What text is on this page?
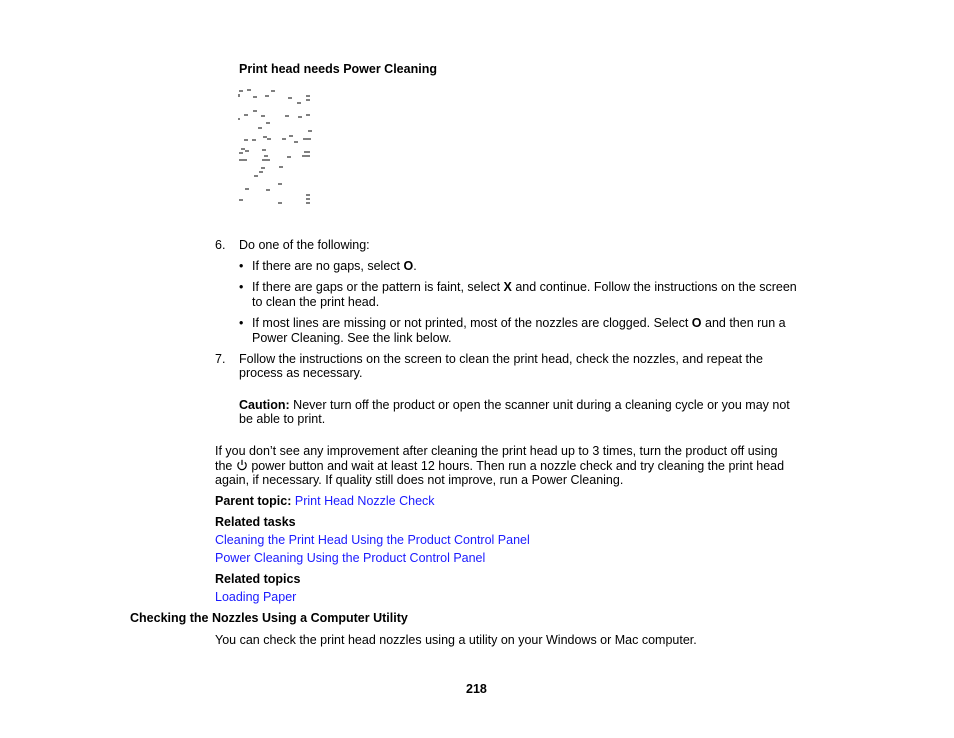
Print head needs Power Cleaning
6. Do one of the following:
• If there are no gaps, select O.
• If there are gaps or the pattern is faint, select X and continue. Follow the instructions on the screen
to clean the print head.
• If most lines are missing or not printed, most of the nozzles are clogged. Select O and then run a
Power Cleaning. See the link below.
7. Follow the instructions on the screen to clean the print head, check the nozzles, and repeat the
process as necessary.
Caution: Never turn off the product or open the scanner unit during a cleaning cycle or you may not
be able to print.
If you don’t see any improvement after cleaning the print head up to 3 times, turn the product off using
the  power button and wait at least 12 hours. Then run a nozzle check and try cleaning the print head
again, if necessary. If quality still does not improve, run a Power Cleaning.
Parent topic: Print Head Nozzle Check
Related tasks
Cleaning the Print Head Using the Product Control Panel
Power Cleaning Using the Product Control Panel
Related topics
Loading Paper
Checking the Nozzles Using a Computer Utility
You can check the print head nozzles using a utility on your Windows or Mac computer.
218
